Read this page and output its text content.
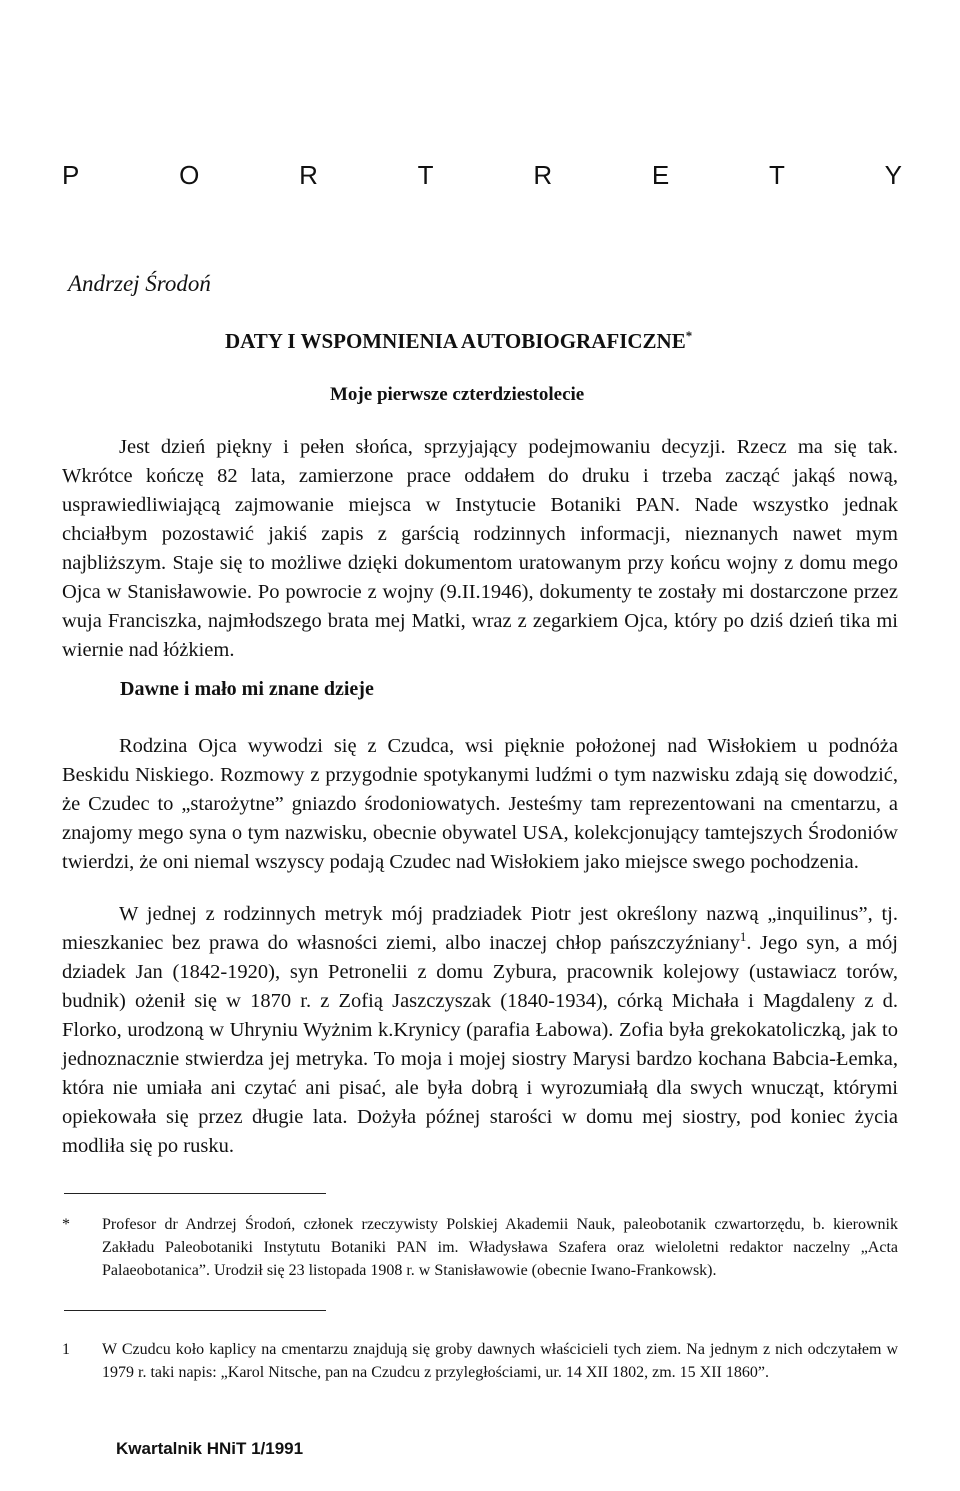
P	O	R	T	R	E	T	Y
Andrzej Środoń
DATY I WSPOMNIENIA AUTOBIOGRAFICZNE*
Moje pierwsze czterdziestolecie

Jest dzień piękny i pełen słońca, sprzyjający podejmowaniu decyzji. Rzecz ma się tak. Wkrótce kończę 82 lata, zamierzone prace oddałem do druku i trzeba zacząć jakąś nową, usprawiedliwiającą zajmowanie miejsca w Instytucie Botaniki PAN. Nade wszystko jednak chciałbym pozostawić jakiś zapis z garścią rodzinnych informacji, nieznanych nawet mym najbliższym. Staje się to możliwe dzięki dokumentom uratowanym przy końcu wojny z domu mego Ojca w Stanisławowie. Po powrocie z wojny (9.II.1946), dokumenty te zostały mi dostarczone przez wuja Franciszka, najmłodszego brata mej Matki, wraz z zegarkiem Ojca, który po dziś dzień tika mi wiernie nad łóżkiem.

Dawne i mało mi znane dzieje

Rodzina Ojca wywodzi się z Czudca, wsi pięknie położonej nad Wisłokiem u podnóża Beskidu Niskiego. Rozmowy z przygodnie spotykanymi ludźmi o tym nazwisku zdają się dowodzić, że Czudec to „starożytne” gniazdo środoniowatych. Jesteśmy tam reprezentowani na cmentarzu, a znajomy mego syna o tym nazwisku, obecnie obywatel USA, kolekcjonujący tamtejszych Środoniów twierdzi, że oni niemal wszyscy podają Czudec nad Wisłokiem jako miejsce swego pochodzenia.

W jednej z rodzinnych metryk mój pradziadek Piotr jest określony nazwą „inquilinus”, tj. mieszkaniec bez prawa do własności ziemi, albo inaczej chłop pańszczyźniany$^1$. Jego syn, a mój dziadek Jan (1842-1920), syn Petronelii z domu Zybura, pracownik kolejowy (ustawiacz torów, budnik) ożenił się w 1870 r. z Zofią Jaszczyszak (1840-1934), córką Michała i Magdaleny z d. Florko, urodzoną w Uhryniu Wyżnim k.Krynicy (parafia Łabowa). Zofia była grekokatoliczką, jak to jednoznacznie stwierdza jej metryka. To moja i mojej siostry Marysi bardzo kochana Babcia-Łemka, która nie umiała ani czytać ani pisać, ale była dobrą i wyrozumiałą dla swych wnucząt, którymi opiekowała się przez długie lata. Dożyła późnej starości w domu mej siostry, pod koniec życia modliła się po rusku.

*	Profesor dr Andrzej Środoń, członek rzeczywisty Polskiej Akademii Nauk, paleobotanik czwartorzędu, b. kierownik Zakładu Paleobotaniki Instytutu Botaniki PAN im. Władysława Szafera oraz wieloletni redaktor naczelny „Acta Palaeobotanica”. Urodził się 23 listopada 1908 r. w Stanisławowie (obecnie Iwano-Frankowsk).
1	W Czudcu koło kaplicy na cmentarzu znajdują się groby dawnych właścicieli tych ziem. Na jednym z nich odczytałem w 1979 r. taki napis: „Karol Nitsche, pan na Czudcu z przyległościami, ur. 14 XII 1802, zm. 15 XII 1860”.
Kwartalnik HNiT 1/1991
